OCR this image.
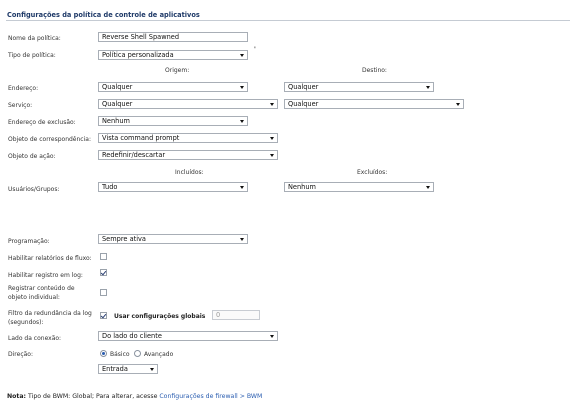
Configurações da política de controle de aplicativos
Nome da política:	Reverse Shell Spawned
Tipo de política:	Política personalizada
'
Origem:	Destino:
Endereço:	Qualquer	Qualquer
Serviço:	Qualquer	Qualquer
Endereço de exclusão:	Nenhum
Objeto de correspondência:	Vista command prompt
Objeto de ação:	Redefinir/descartar
Incluídos:	Excluídos:
Usuários/Grupos:	Tudo	Nenhum
Programação:	Sempre ativa
Habilitar relatórios de fluxo:
Habilitar registro em log:
Registrar conteúdo de
objeto individual:
Filtro da redundância da log
(segundos):
Usar configurações globais	0
Lado da conexão:	Do lado do cliente
Direção:	Básico Avançado
Entrada
Nota: Tipo de BWM: Global; Para alterar, acesse Configurações de firewall > BWM
